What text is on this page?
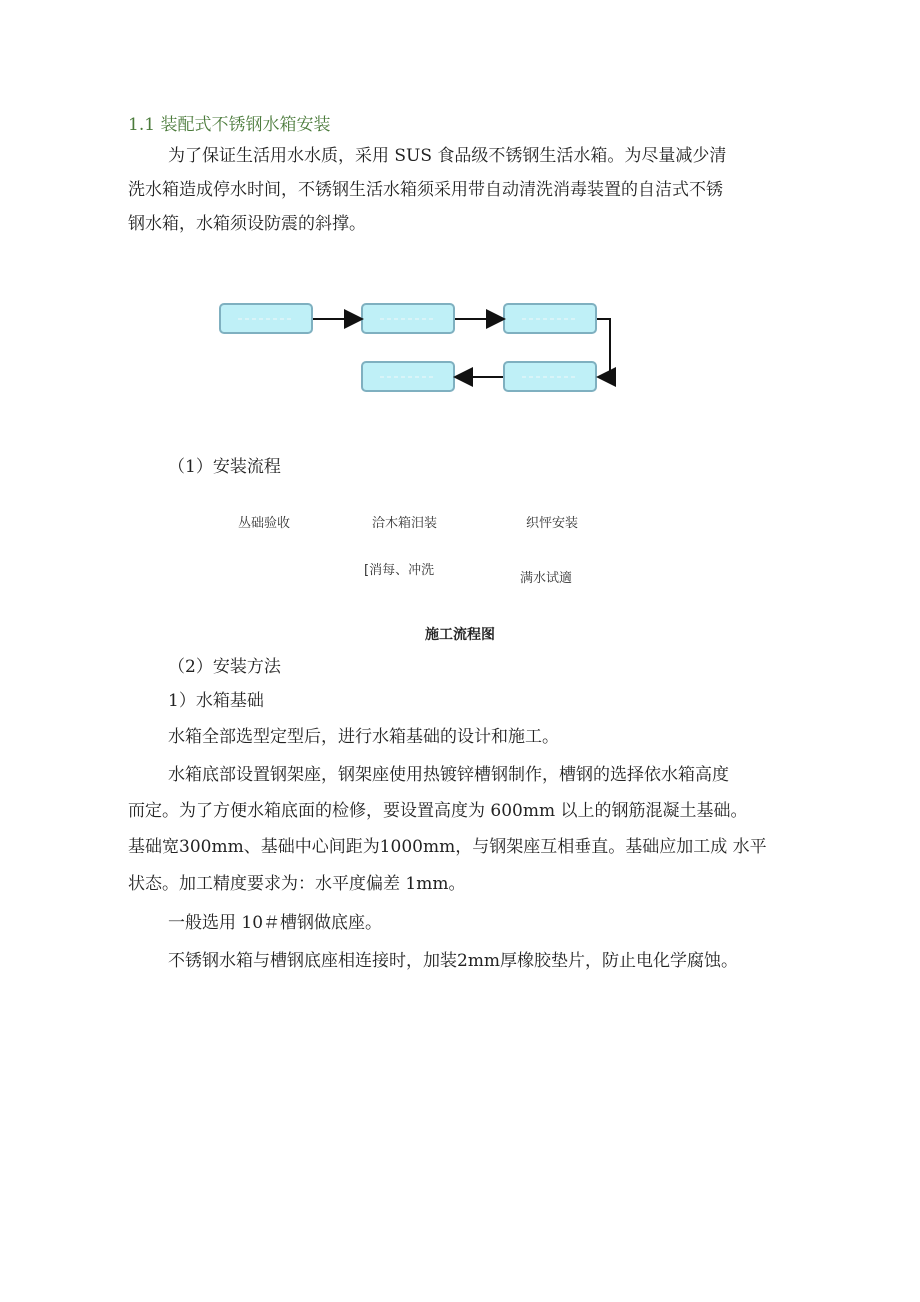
1.1 装配式不锈钢水箱安装
为了保证生活用水水质，采用 SUS 食品级不锈钢生活水箱。为尽量减少清
洗水箱造成停水时间，不锈钢生活水箱须采用带自动清洗消毒装置的自洁式不锈
钢水箱，水箱须设防震的斜撑。
（1）安装流程
丛础验收	洽木箱汨装	织怦安装
[消每、冲洗
满水试適
施工流程图
（2）安装方法
1）水箱基础
水箱全部选型定型后，进行水箱基础的设计和施工。
水箱底部设置钢架座，钢架座使用热镀锌槽钢制作，槽钢的选择依水箱高度
而定。为了方便水箱底面的检修，要设置高度为 600mm 以上的钢筋混凝土基础。
基础宽300mm、基础中心间距为1000mm，与钢架座互相垂直。基础应加工成 水平
状态。加工精度要求为：水平度偏差 1mm。
一般选用 10＃槽钢做底座。
不锈钢水箱与槽钢底座相连接时，加装2mm厚橡胶垫片，防止电化学腐蚀。
